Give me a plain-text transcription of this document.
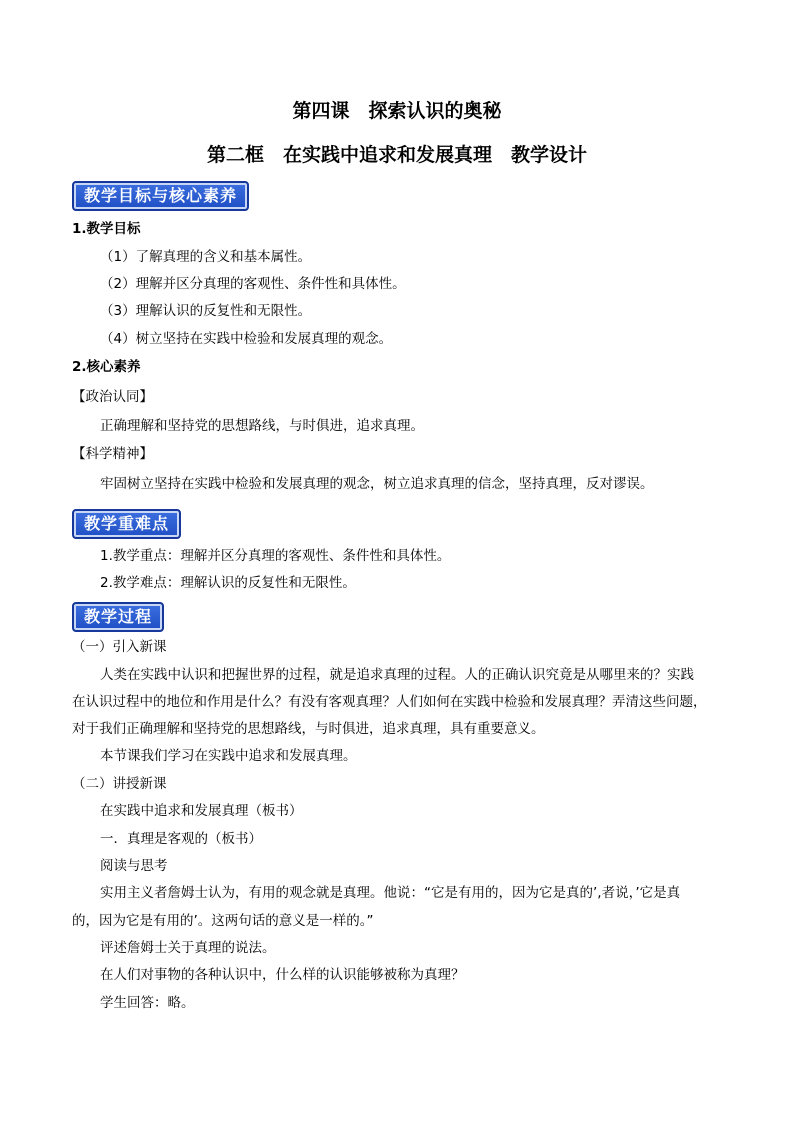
第四课　探索认识的奥秘
第二框　在实践中追求和发展真理　教学设计
教学目标与核心素养
1.教学目标
（1）了解真理的含义和基本属性。
（2）理解并区分真理的客观性、条件性和具体性。
（3）理解认识的反复性和无限性。
（4）树立坚持在实践中检验和发展真理的观念。
2.核心素养
【政治认同】
正确理解和坚持党的思想路线，与时俱进，追求真理。
【科学精神】
牢固树立坚持在实践中检验和发展真理的观念，树立追求真理的信念，坚持真理，反对谬误。
教学重难点
1.教学重点：理解并区分真理的客观性、条件性和具体性。
2.教学难点：理解认识的反复性和无限性。
教学过程
（一）引入新课
人类在实践中认识和把握世界的过程，就是追求真理的过程。人的正确认识究竟是从哪里来的？实践
在认识过程中的地位和作用是什么？有没有客观真理？人们如何在实践中检验和发展真理？弄清这些问题，
对于我们正确理解和坚持党的思想路线，与时俱进，追求真理，具有重要意义。
本节课我们学习在实践中追求和发展真理。
（二）讲授新课
在实践中追求和发展真理（板书）
一．真理是客观的（板书）
阅读与思考
实用主义者詹姆士认为，有用的观念就是真理。他说：“它是有用的，因为它是真的’,者说，’它是真
的，因为它是有用的’。这两句话的意义是一样的。”
评述詹姆士关于真理的说法。
在人们对事物的各种认识中，什么样的认识能够被称为真理？
学生回答：略。
